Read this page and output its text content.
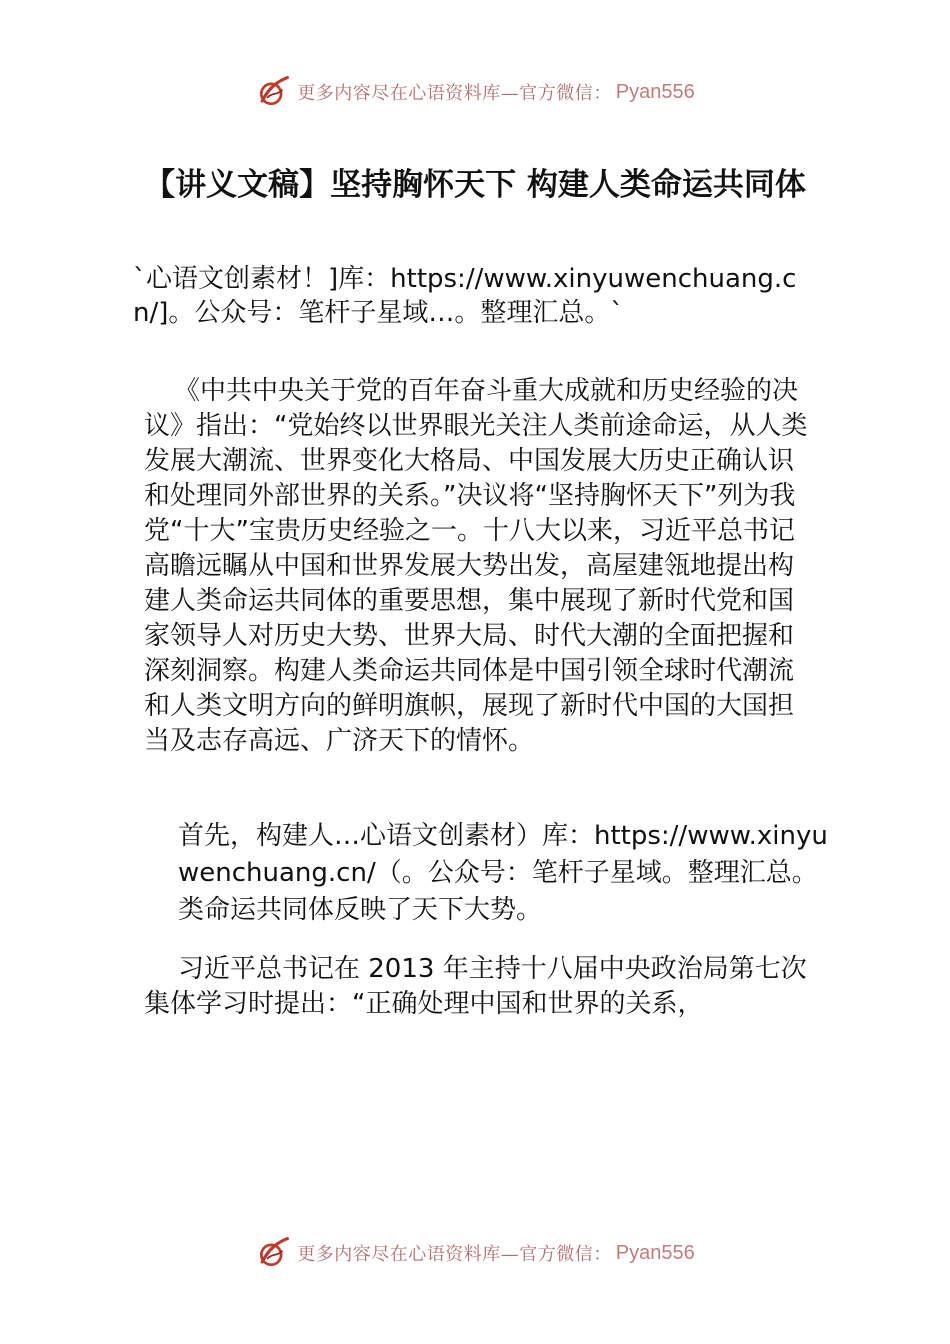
更多内容尽在心语资料库—官方微信： Pyan556
【讲义文稿】坚持胸怀天下 构建人类命运共同体

`心语文创素材！]库：https://www.xinyuwenchuang.cn/]。公众号：笔杆子星域…。整理汇总。`

《中共中央关于党的百年奋斗重大成就和历史经验的决议》指出：“党始终以世界眼光关注人类前途命运，从人类发展大潮流、世界变化大格局、中国发展大历史正确认识和处理同外部世界的关系。”决议将“坚持胸怀天下”列为我党“十大”宝贵历史经验之一。十八大以来，习近平总书记高瞻远瞩从中国和世界发展大势出发，高屋建瓴地提出构建人类命运共同体的重要思想，集中展现了新时代党和国家领导人对历史大势、世界大局、时代大潮的全面把握和深刻洞察。构建人类命运共同体是中国引领全球时代潮流和人类文明方向的鲜明旗帜，展现了新时代中国的大国担当及志存高远、广济天下的情怀。

首先，构建人…心语文创素材）库：https://www.xinyuwenchuang.cn/（。公众号：笔杆子星域。整理汇总。类命运共同体反映了天下大势。

习近平总书记在 2013 年主持十八届中央政治局第七次集体学习时提出：“正确处理中国和世界的关系，

更多内容尽在心语资料库—官方微信： Pyan556
